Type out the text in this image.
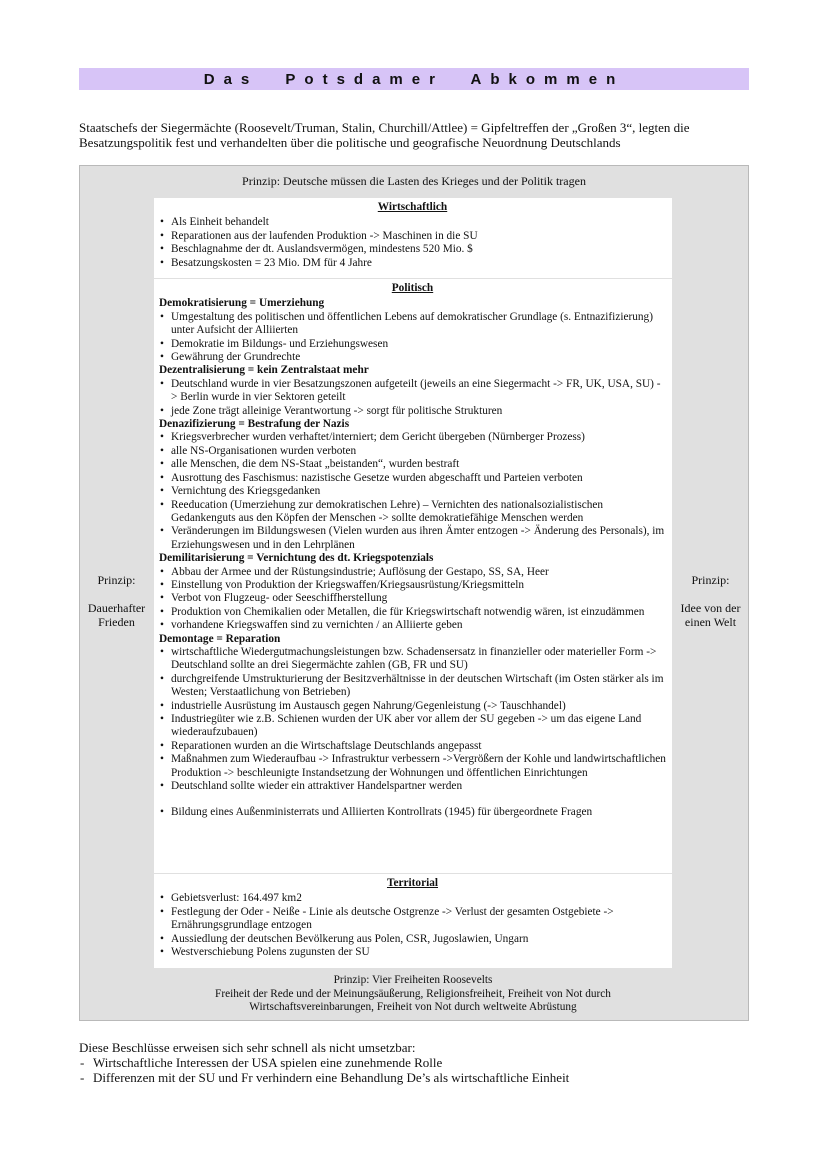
Das Potsdamer Abkommen
Staatschefs der Siegermächte (Roosevelt/Truman, Stalin, Churchill/Attlee) = Gipfeltreffen der „Großen 3“, legten die Besatzungspolitik fest und verhandelten über die politische und geografische Neuordnung Deutschlands
Prinzip: Deutsche müssen die Lasten des Krieges und der Politik tragen
Prinzip:
Dauerhafter Frieden
Prinzip:
Idee von der einen Welt
Wirtschaftlich
• Als Einheit behandelt
• Reparationen aus der laufenden Produktion -> Maschinen in die SU
• Beschlagnahme der dt. Auslandsvermögen, mindestens 520 Mio. $
• Besatzungskosten = 23 Mio. DM für 4 Jahre
Politisch
Demokratisierung = Umerziehung
• Umgestaltung des politischen und öffentlichen Lebens auf demokratischer Grundlage (s. Entnazifizierung) unter Aufsicht der Alliierten
• Demokratie im Bildungs- und Erziehungswesen
• Gewährung der Grundrechte
Dezentralisierung = kein Zentralstaat mehr
• Deutschland wurde in vier Besatzungszonen aufgeteilt (jeweils an eine Siegermacht -> FR, UK, USA, SU) -> Berlin wurde in vier Sektoren geteilt
• jede Zone trägt alleinige Verantwortung -> sorgt für politische Strukturen
Denazifizierung = Bestrafung der Nazis
• Kriegsverbrecher wurden verhaftet/interniert; dem Gericht übergeben (Nürnberger Prozess)
• alle NS-Organisationen wurden verboten
• alle Menschen, die dem NS-Staat „beistanden“, wurden bestraft
• Ausrottung des Faschismus: nazistische Gesetze wurden abgeschafft und Parteien verboten
• Vernichtung des Kriegsgedanken
• Reeducation (Umerziehung zur demokratischen Lehre) – Vernichten des nationalsozialistischen Gedankenguts aus den Köpfen der Menschen -> sollte demokratiefähige Menschen werden
• Veränderungen im Bildungswesen (Vielen wurden aus ihren Ämter entzogen -> Änderung des Personals), im Erziehungswesen und in den Lehrplänen
Demilitarisierung = Vernichtung des dt. Kriegspotenzials
• Abbau der Armee und der Rüstungsindustrie; Auflösung der Gestapo, SS, SA, Heer
• Einstellung von Produktion der Kriegswaffen/Kriegsausrüstung/Kriegsmitteln
• Verbot von Flugzeug- oder Seeschiffherstellung
• Produktion von Chemikalien oder Metallen, die für Kriegswirtschaft notwendig wären, ist einzudämmen
• vorhandene Kriegswaffen sind zu vernichten / an Alliierte geben
Demontage = Reparation
• wirtschaftliche Wiedergutmachungsleistungen bzw. Schadensersatz in finanzieller oder materieller Form -> Deutschland sollte an drei Siegermächte zahlen (GB, FR und SU)
• durchgreifende Umstrukturierung der Besitzverhältnisse in der deutschen Wirtschaft (im Osten stärker als im Westen; Verstaatlichung von Betrieben)
• industrielle Ausrüstung im Austausch gegen Nahrung/Gegenleistung (-> Tauschhandel)
• Industriegüter wie z.B. Schienen wurden der UK aber vor allem der SU gegeben -> um das eigene Land wiederaufzubauen)
• Reparationen wurden an die Wirtschaftslage Deutschlands angepasst
• Maßnahmen zum Wiederaufbau -> Infrastruktur verbessern ->Vergrößern der Kohle und landwirtschaftlichen Produktion -> beschleunigte Instandsetzung der Wohnungen und öffentlichen Einrichtungen
• Deutschland sollte wieder ein attraktiver Handelspartner werden
• Bildung eines Außenministerrats und Alliierten Kontrollrats (1945) für übergeordnete Fragen
Territorial
• Gebietsverlust: 164.497 km2
• Festlegung der Oder - Neiße - Linie als deutsche Ostgrenze -> Verlust der gesamten Ostgebiete -> Ernährungsgrundlage entzogen
• Aussiedlung der deutschen Bevölkerung aus Polen, CSR, Jugoslawien, Ungarn
• Westverschiebung Polens zugunsten der SU
Prinzip: Vier Freiheiten Roosevelts
Freiheit der Rede und der Meinungsäußerung, Religionsfreiheit, Freiheit von Not durch
Wirtschaftsvereinbarungen, Freiheit von Not durch weltweite Abrüstung
Diese Beschlüsse erweisen sich sehr schnell als nicht umsetzbar:
- Wirtschaftliche Interessen der USA spielen eine zunehmende Rolle
- Differenzen mit der SU und Fr verhindern eine Behandlung De’s als wirtschaftliche Einheit
